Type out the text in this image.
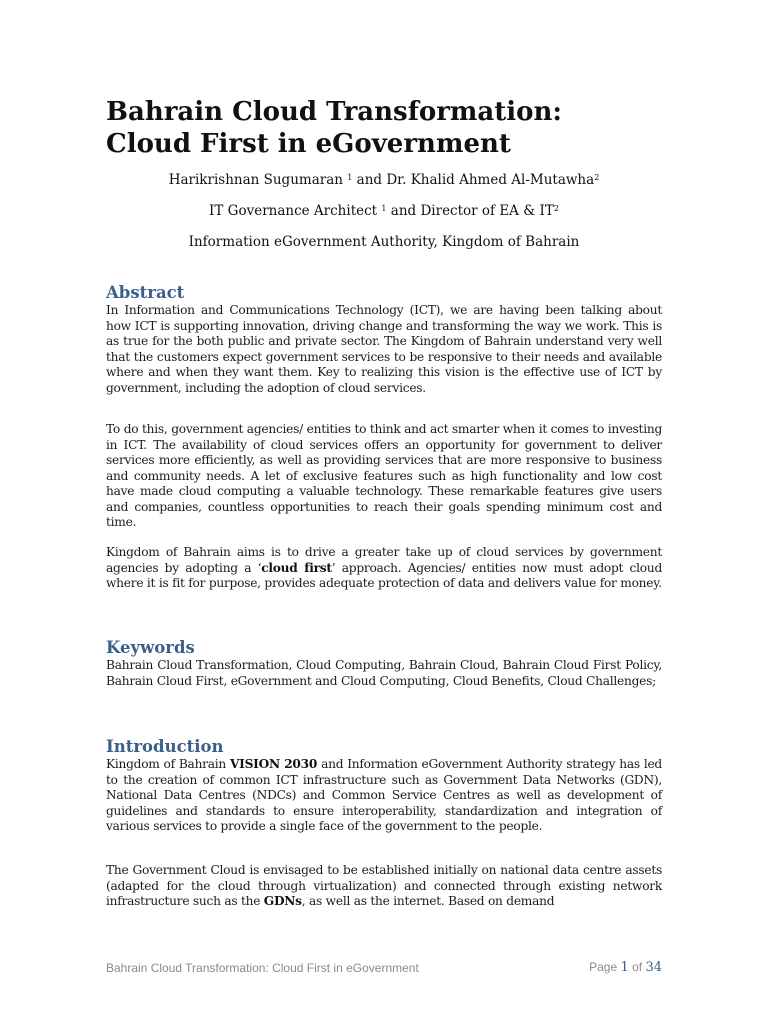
Bahrain Cloud Transformation:
Cloud First in eGovernment
Harikrishnan Sugumaran $^1$ and Dr. Khalid Ahmed Al-Mutawha$^2$
IT Governance Architect $^1$ and Director of EA & $IT^2$
Information eGovernment Authority, Kingdom of Bahrain
Abstract

In Information and Communications Technology (ICT), we are having been talking about how ICT is supporting innovation, driving change and transforming the way we work. This is as true for the both public and private sector. The Kingdom of Bahrain understand very well that the customers expect government services to be responsive to their needs and available where and when they want them. Key to realizing this vision is the effective use of ICT by government, including the adoption of cloud services.

To do this, government agencies/ entities to think and act smarter when it comes to investing in ICT. The availability of cloud services offers an opportunity for government to deliver services more efficiently, as well as providing services that are more responsive to business and community needs. A let of exclusive features such as high functionality and low cost have made cloud computing a valuable technology. These remarkable features give users and companies, countless opportunities to reach their goals spending minimum cost and time.

Kingdom of Bahrain aims is to drive a greater take up of cloud services by government agencies by adopting a ‘cloud first’ approach. Agencies/ entities now must adopt cloud where it is fit for purpose, provides adequate protection of data and delivers value for money.

Keywords

Bahrain Cloud Transformation, Cloud Computing, Bahrain Cloud, Bahrain Cloud First Policy, Bahrain Cloud First, eGovernment and Cloud Computing, Cloud Benefits, Cloud Challenges;

Introduction

Kingdom of Bahrain VISION 2030 and Information eGovernment Authority strategy has led to the creation of common ICT infrastructure such as Government Data Networks (GDN), National Data Centres (NDCs) and Common Service Centres as well as development of guidelines and standards to ensure interoperability, standardization and integration of various services to provide a single face of the government to the people.

The Government Cloud is envisaged to be established initially on national data centre assets (adapted for the cloud through virtualization) and connected through existing network infrastructure such as the GDNs, as well as the internet. Based on demand

Bahrain Cloud Transformation: Cloud First in eGovernment	Page 1 of 34
